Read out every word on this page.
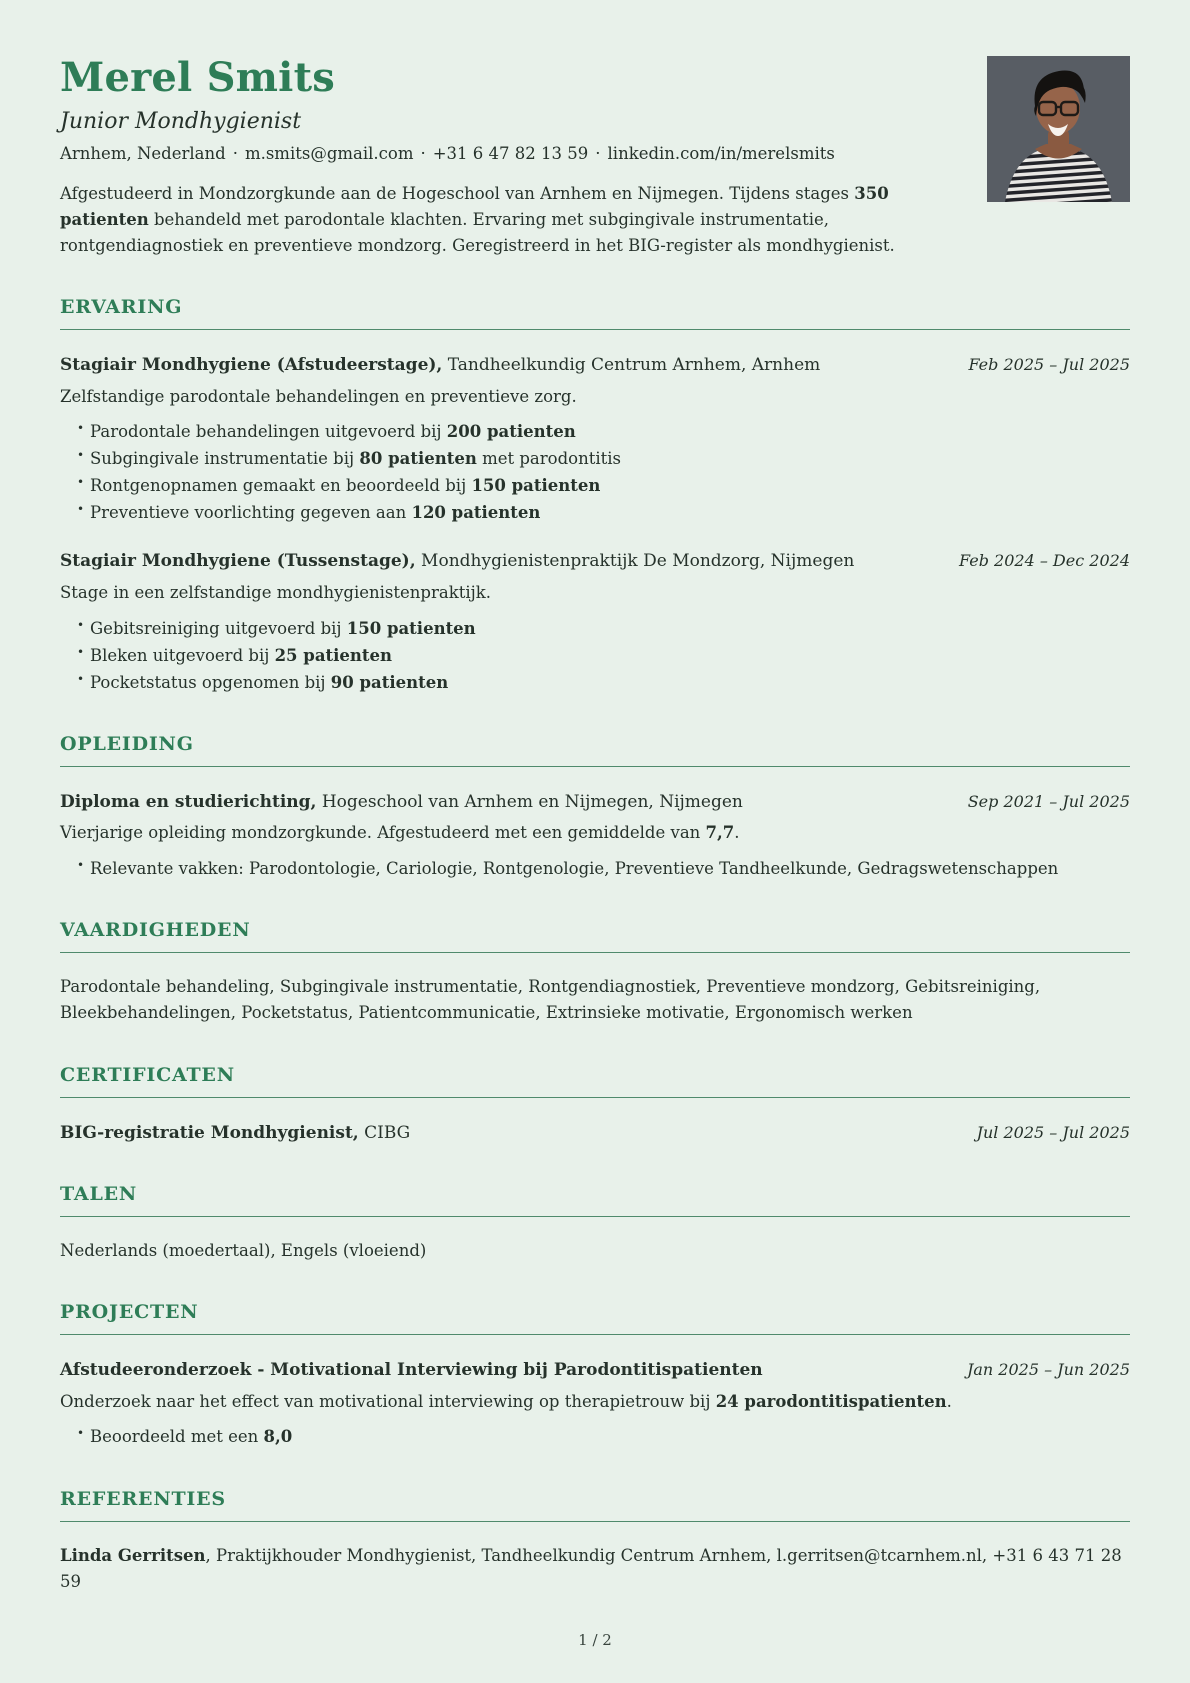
Merel Smits
Junior Mondhygienist
Arnhem, Nederland · m.smits@gmail.com · +31 6 47 82 13 59 · linkedin.com/in/merelsmits

Afgestudeerd in Mondzorgkunde aan de Hogeschool van Arnhem en Nijmegen. Tijdens stages 350 patienten behandeld met parodontale klachten. Ervaring met subgingivale instrumentatie, rontgendiagnostiek en preventieve mondzorg. Geregistreerd in het BIG-register als mondhygienist.

ERVARING
Stagiair Mondhygiene (Afstudeerstage), Tandheelkundig Centrum Arnhem, Arnhem	Feb 2025 – Jul 2025

Zelfstandige parodontale behandelingen en preventieve zorg.

• Parodontale behandelingen uitgevoerd bij 200 patienten
• Subgingivale instrumentatie bij 80 patienten met parodontitis
• Rontgenopnamen gemaakt en beoordeeld bij 150 patienten
• Preventieve voorlichting gegeven aan 120 patienten
Stagiair Mondhygiene (Tussenstage), Mondhygienistenpraktijk De Mondzorg, Nijmegen	Feb 2024 – Dec 2024

Stage in een zelfstandige mondhygienistenpraktijk.

• Gebitsreiniging uitgevoerd bij 150 patienten
• Bleken uitgevoerd bij 25 patienten
• Pocketstatus opgenomen bij 90 patienten
OPLEIDING
Diploma en studierichting, Hogeschool van Arnhem en Nijmegen, Nijmegen	Sep 2021 – Jul 2025

Vierjarige opleiding mondzorgkunde. Afgestudeerd met een gemiddelde van 7,7.

• Relevante vakken: Parodontologie, Cariologie, Rontgenologie, Preventieve Tandheelkunde, Gedragswetenschappen
VAARDIGHEDEN

Parodontale behandeling, Subgingivale instrumentatie, Rontgendiagnostiek, Preventieve mondzorg, Gebitsreiniging, Bleekbehandelingen, Pocketstatus, Patientcommunicatie, Extrinsieke motivatie, Ergonomisch werken

CERTIFICATEN
BIG-registratie Mondhygienist, CIBG	Jul 2025 – Jul 2025
TALEN

Nederlands (moedertaal), Engels (vloeiend)

PROJECTEN
Afstudeeronderzoek - Motivational Interviewing bij Parodontitispatienten	Jan 2025 – Jun 2025

Onderzoek naar het effect van motivational interviewing op therapietrouw bij 24 parodontitispatienten.

• Beoordeeld met een 8,0
REFERENTIES

Linda Gerritsen, Praktijkhouder Mondhygienist, Tandheelkundig Centrum Arnhem, l.gerritsen@tcarnhem.nl, +31 6 43 71 28 59

1 / 2
